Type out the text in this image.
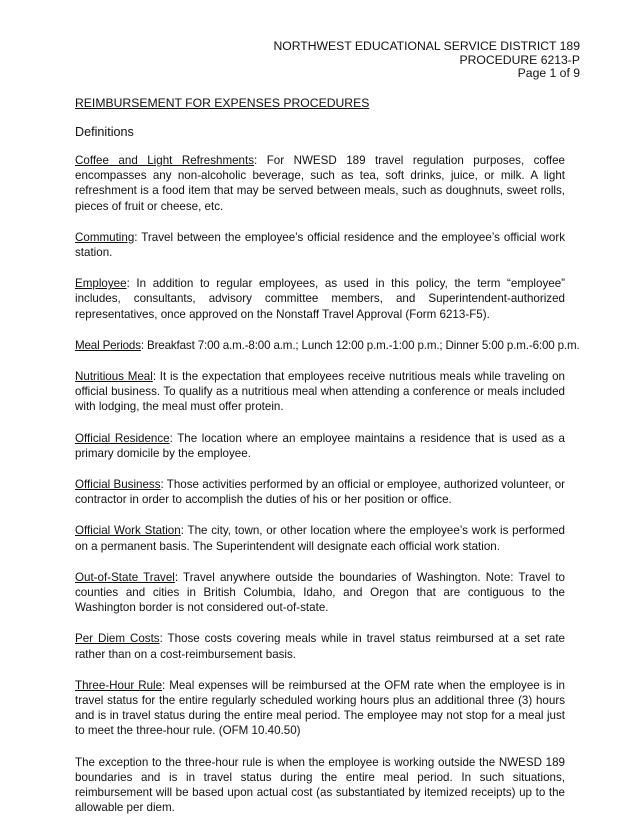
NORTHWEST EDUCATIONAL SERVICE DISTRICT 189
PROCEDURE 6213-P
Page 1 of 9
REIMBURSEMENT FOR EXPENSES PROCEDURES
Definitions

Coffee and Light Refreshments: For NWESD 189 travel regulation purposes, coffee encompasses any non-alcoholic beverage, such as tea, soft drinks, juice, or milk. A light refreshment is a food item that may be served between meals, such as doughnuts, sweet rolls, pieces of fruit or cheese, etc.

Commuting: Travel between the employee’s official residence and the employee’s official work station.

Employee: In addition to regular employees, as used in this policy, the term “employee” includes, consultants, advisory committee members, and Superintendent-authorized representatives, once approved on the Nonstaff Travel Approval (Form 6213-F5).

Meal Periods: Breakfast 7:00 a.m.-8:00 a.m.; Lunch 12:00 p.m.-1:00 p.m.; Dinner 5:00 p.m.-6:00 p.m.

Nutritious Meal: It is the expectation that employees receive nutritious meals while traveling on official business. To qualify as a nutritious meal when attending a conference or meals included with lodging, the meal must offer protein.

Official Residence: The location where an employee maintains a residence that is used as a primary domicile by the employee.

Official Business: Those activities performed by an official or employee, authorized volunteer, or contractor in order to accomplish the duties of his or her position or office.

Official Work Station: The city, town, or other location where the employee’s work is performed on a permanent basis. The Superintendent will designate each official work station.

Out-of-State Travel: Travel anywhere outside the boundaries of Washington. Note: Travel to counties and cities in British Columbia, Idaho, and Oregon that are contiguous to the Washington border is not considered out-of-state.

Per Diem Costs: Those costs covering meals while in travel status reimbursed at a set rate rather than on a cost-reimbursement basis.

Three-Hour Rule: Meal expenses will be reimbursed at the OFM rate when the employee is in travel status for the entire regularly scheduled working hours plus an additional three (3) hours and is in travel status during the entire meal period. The employee may not stop for a meal just to meet the three-hour rule. (OFM 10.40.50)

The exception to the three-hour rule is when the employee is working outside the NWESD 189 boundaries and is in travel status during the entire meal period. In such situations, reimbursement will be based upon actual cost (as substantiated by itemized receipts) up to the allowable per diem.
